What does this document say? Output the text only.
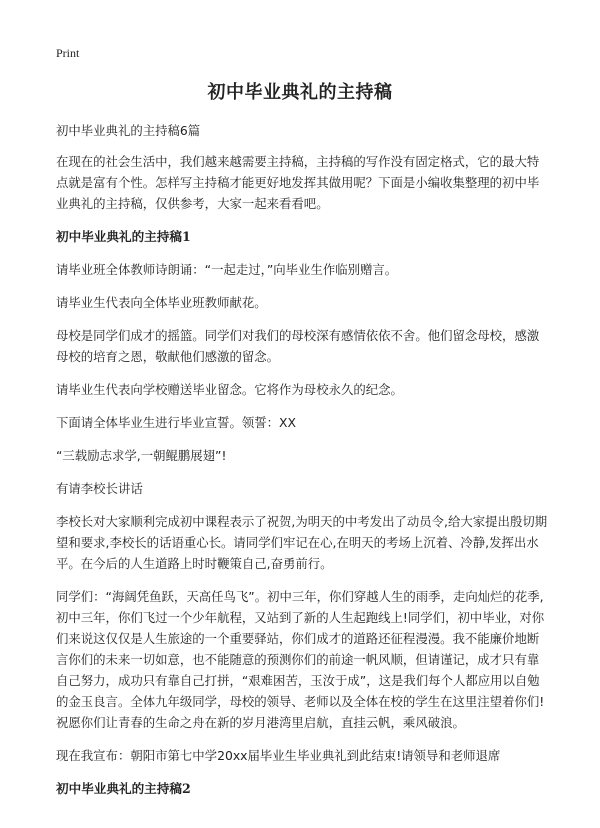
Print
初中毕业典礼的主持稿

初中毕业典礼的主持稿6篇

在现在的社会生活中，我们越来越需要主持稿，主持稿的写作没有固定格式，它的最大特点就是富有个性。怎样写主持稿才能更好地发挥其做用呢？下面是小编收集整理的初中毕业典礼的主持稿，仅供参考，大家一起来看看吧。

初中毕业典礼的主持稿1

请毕业班全体教师诗朗诵：“一起走过，”向毕业生作临别赠言。

请毕业生代表向全体毕业班教师献花。

母校是同学们成才的摇篮。同学们对我们的母校深有感情依依不舍。他们留念母校，感激母校的培育之恩，敬献他们感激的留念。

请毕业生代表向学校赠送毕业留念。它将作为母校永久的纪念。

下面请全体毕业生进行毕业宣誓。领誓：XX

“三载励志求学,一朝鲲鹏展翅”!

有请李校长讲话

李校长对大家顺利完成初中课程表示了祝贺,为明天的中考发出了动员令,给大家提出殷切期望和要求,李校长的话语重心长。请同学们牢记在心,在明天的考场上沉着、冷静,发挥出水平。在今后的人生道路上时时鞭策自己,奋勇前行。

同学们：“海阔凭鱼跃，天高任鸟飞”。初中三年，你们穿越人生的雨季，走向灿烂的花季,初中三年，你们飞过一个少年航程，又站到了新的人生起跑线上!同学们，初中毕业，对你们来说这仅仅是人生旅途的一个重要驿站，你们成才的道路还征程漫漫。我不能廉价地断言你们的未来一切如意，也不能随意的预测你们的前途一帆风顺，但请谨记，成才只有靠自己努力，成功只有靠自己打拼，“艰难困苦，玉汝于成”，这是我们每个人都应用以自勉的金玉良言。全体九年级同学，母校的领导、老师以及全体在校的学生在这里注望着你们!祝愿你们让青春的生命之舟在新的岁月港湾里启航，直挂云帆，乘风破浪。

现在我宣布：朝阳市第七中学20xx届毕业生毕业典礼到此结束!请领导和老师退席

初中毕业典礼的主持稿2
